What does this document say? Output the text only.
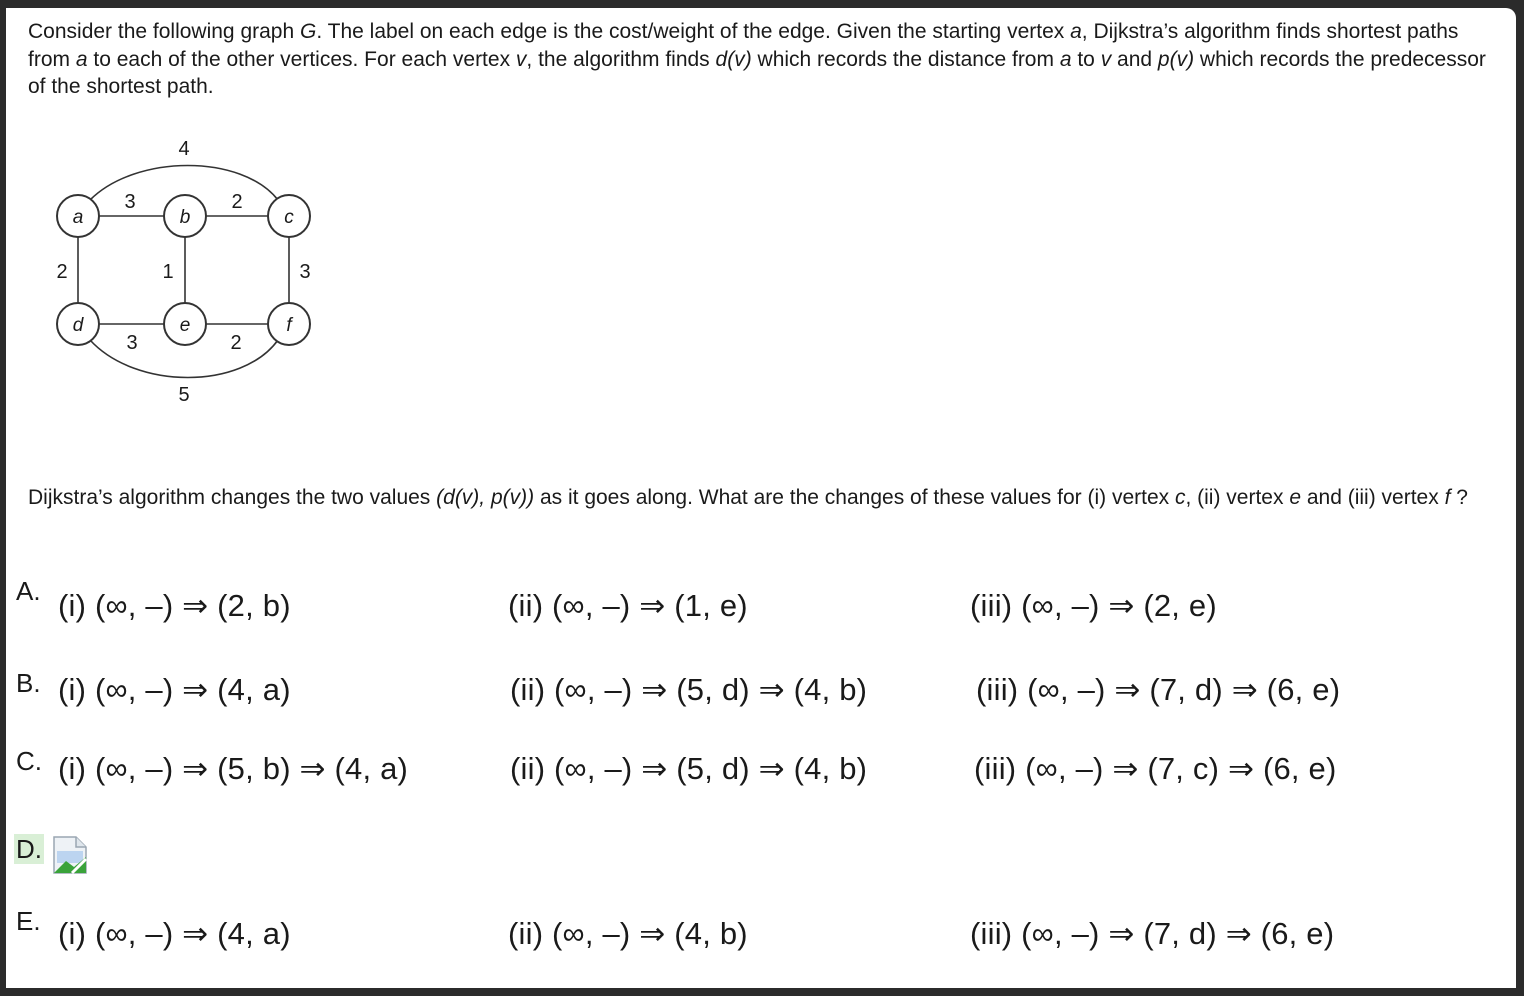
Consider the following graph G. The label on each edge is the cost/weight of the edge. Given the starting vertex a, Dijkstra’s algorithm finds shortest paths from a to each of the other vertices. For each vertex v, the algorithm finds d(v) which records the distance from a to v and p(v) which records the predecessor of the shortest path.

a	b	c
d	e	f
3	2
4
2	1	3
3	2
5

Dijkstra’s algorithm changes the two values (d(v), p(v)) as it goes along. What are the changes of these values for (i) vertex c, (ii) vertex e and (iii) vertex f ?

A. (i) (∞, –) ⇒ (2, b)	(ii) (∞, –) ⇒ (1, e)	(iii) (∞, –) ⇒ (2, e)
B. (i) (∞, –) ⇒ (4, a)	(ii) (∞, –) ⇒ (5, d) ⇒ (4, b)	(iii) (∞, –) ⇒ (7, d) ⇒ (6, e)
C. (i) (∞, –) ⇒ (5, b) ⇒ (4, a)	(ii) (∞, –) ⇒ (5, d) ⇒ (4, b)	(iii) (∞, –) ⇒ (7, c) ⇒ (6, e)
D.
E. (i) (∞, –) ⇒ (4, a)	(ii) (∞, –) ⇒ (4, b)	(iii) (∞, –) ⇒ (7, d) ⇒ (6, e)
